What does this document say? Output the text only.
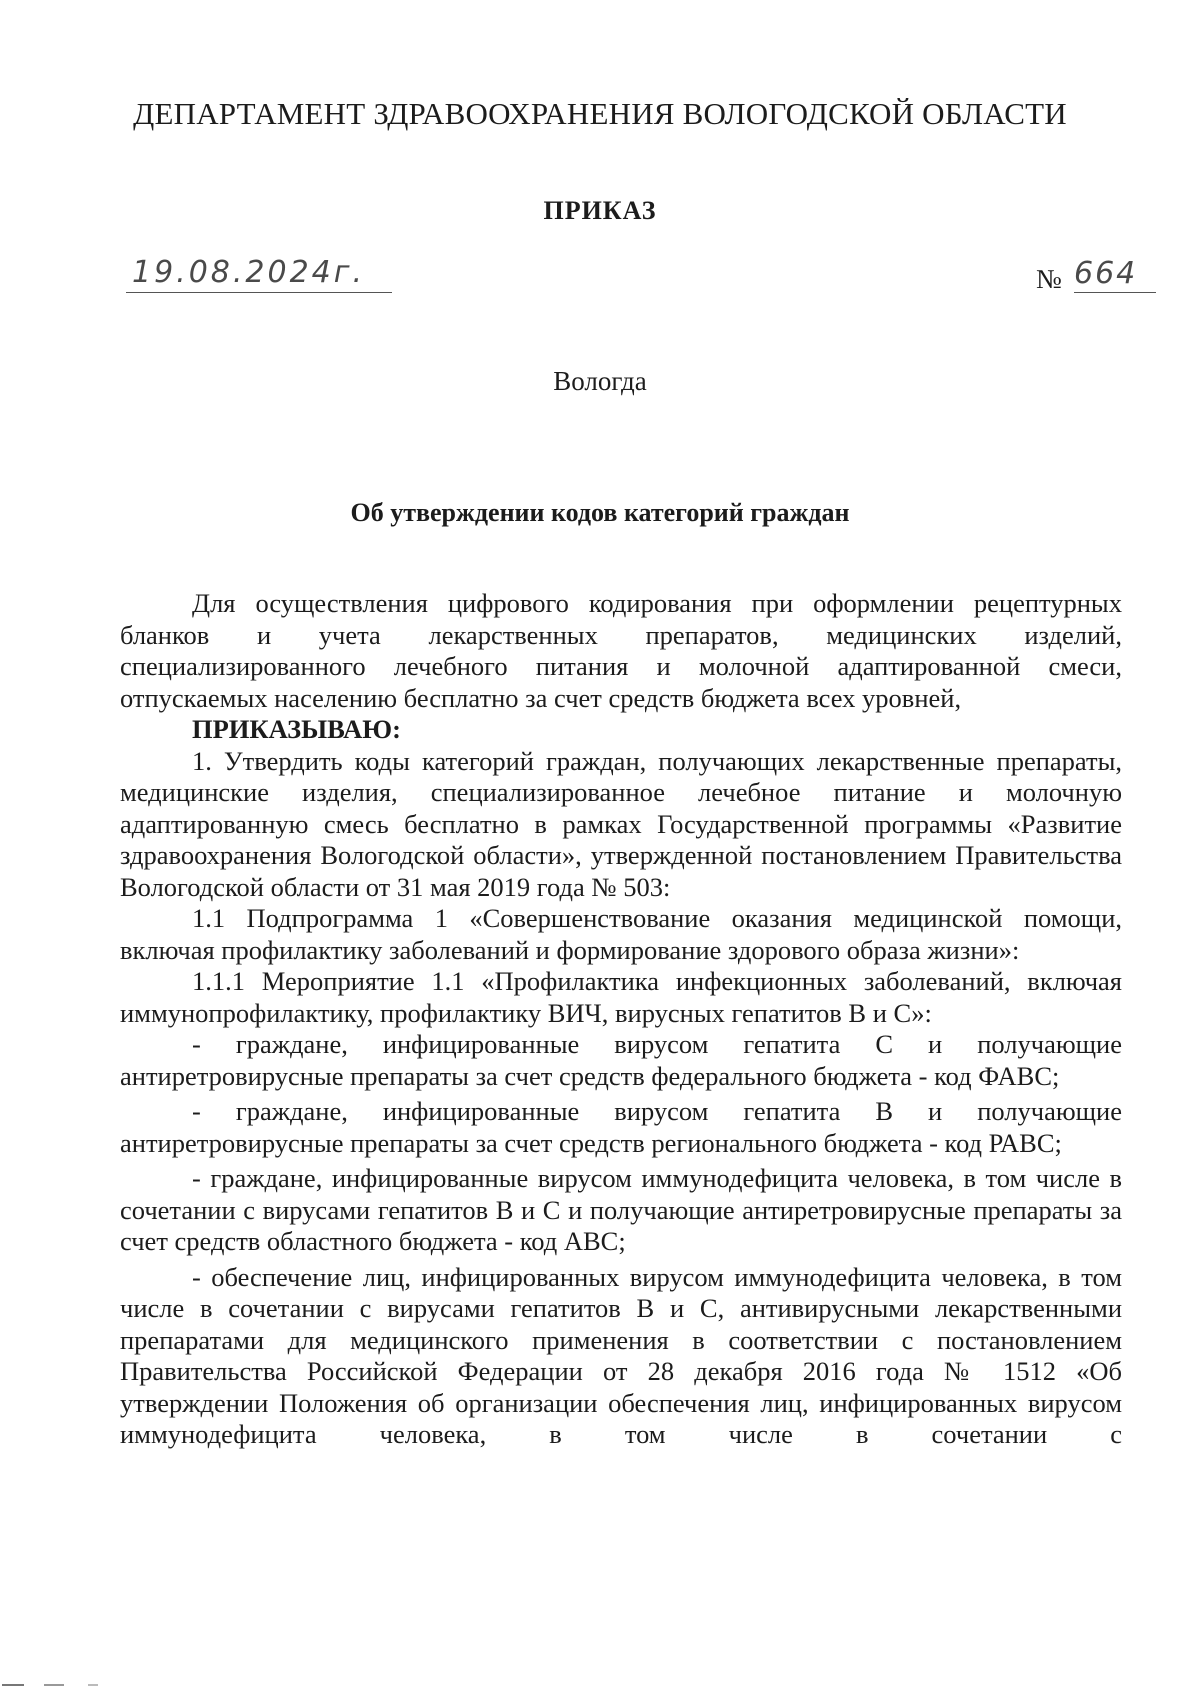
ДЕПАРТАМЕНТ ЗДРАВООХРАНЕНИЯ ВОЛОГОДСКОЙ ОБЛАСТИ
ПРИКАЗ
19.08.2024г.	№ 664
Вологда
Об утверждении кодов категорий граждан

Для осуществления цифрового кодирования при оформлении рецептурных бланков и учета лекарственных препаратов, медицинских изделий, специализированного лечебного питания и молочной адаптированной смеси, отпускаемых населению бесплатно за счет средств бюджета всех уровней,

ПРИКАЗЫВАЮ:

1. Утвердить коды категорий граждан, получающих лекарственные препараты, медицинские изделия, специализированное лечебное питание и молочную адаптированную смесь бесплатно в рамках Государственной программы «Развитие здравоохранения Вологодской области», утвержденной постановлением Правительства Вологодской области от 31 мая 2019 года № 503:

1.1 Подпрограмма 1 «Совершенствование оказания медицинской помощи, включая профилактику заболеваний и формирование здорового образа жизни»:

1.1.1 Мероприятие 1.1 «Профилактика инфекционных заболеваний, включая иммунопрофилактику, профилактику ВИЧ, вирусных гепатитов В и С»:

- граждане, инфицированные вирусом гепатита С и получающие антиретровирусные препараты за счет средств федерального бюджета - код ФАВС;

- граждане, инфицированные вирусом гепатита В и получающие антиретровирусные препараты за счет средств регионального бюджета - код РАВС;

- граждане, инфицированные вирусом иммунодефицита человека, в том числе в сочетании с вирусами гепатитов В и С и получающие антиретровирусные препараты за счет средств областного бюджета - код АВС;

- обеспечение лиц, инфицированных вирусом иммунодефицита человека, в том числе в сочетании с вирусами гепатитов В и С, антивирусными лекарственными препаратами для медицинского применения в соответствии с постановлением Правительства Российской Федерации от 28 декабря 2016 года № 1512 «Об утверждении Положения об организации обеспечения лиц, инфицированных вирусом иммунодефицита человека, в том числе в сочетании с
